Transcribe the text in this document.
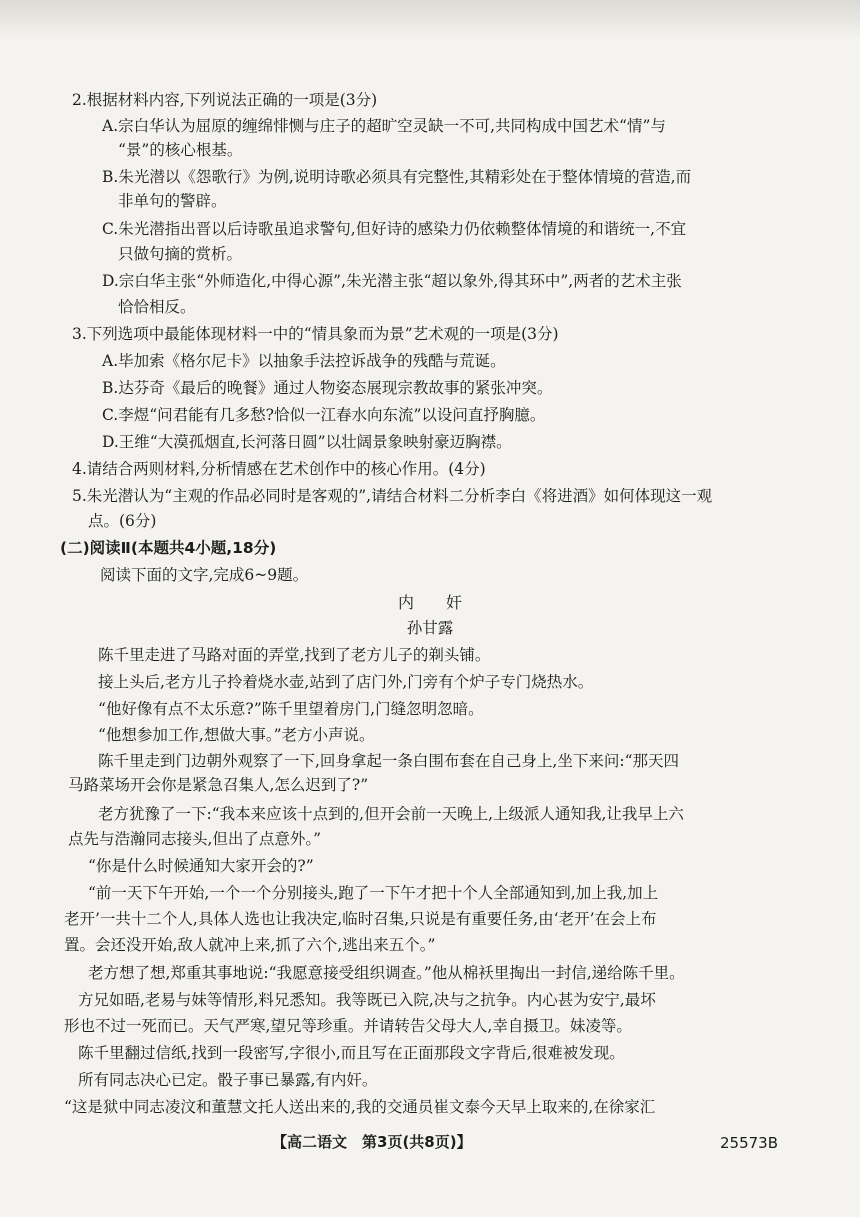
2.根据材料内容,下列说法正确的一项是(3分)
A.宗白华认为屈原的缠绵悱恻与庄子的超旷空灵缺一不可,共同构成中国艺术“情”与
“景”的核心根基。
B.朱光潜以《怨歌行》为例,说明诗歌必须具有完整性,其精彩处在于整体情境的营造,而
非单句的警辟。
C.朱光潜指出晋以后诗歌虽追求警句,但好诗的感染力仍依赖整体情境的和谐统一,不宜
只做句摘的赏析。
D.宗白华主张“外师造化,中得心源”,朱光潜主张“超以象外,得其环中”,两者的艺术主张
恰恰相反。
3.下列选项中最能体现材料一中的“情具象而为景”艺术观的一项是(3分)
A.毕加索《格尔尼卡》以抽象手法控诉战争的残酷与荒诞。
B.达芬奇《最后的晚餐》通过人物姿态展现宗教故事的紧张冲突。
C.李煜“问君能有几多愁?恰似一江春水向东流”以设问直抒胸臆。
D.王维“大漠孤烟直,长河落日圆”以壮阔景象映射豪迈胸襟。
4.请结合两则材料,分析情感在艺术创作中的核心作用。(4分)
5.朱光潜认为“主观的作品必同时是客观的”,请结合材料二分析李白《将进酒》如何体现这一观
点。(6分)
(二)阅读Ⅱ(本题共4小题,18分)
阅读下面的文字,完成6~9题。
内　　奸
孙甘露
陈千里走进了马路对面的弄堂,找到了老方儿子的剃头铺。
接上头后,老方儿子拎着烧水壶,站到了店门外,门旁有个炉子专门烧热水。
“他好像有点不太乐意?”陈千里望着房门,门缝忽明忽暗。
“他想参加工作,想做大事。”老方小声说。
陈千里走到门边朝外观察了一下,回身拿起一条白围布套在自己身上,坐下来问:“那天四
马路菜场开会你是紧急召集人,怎么迟到了?”
老方犹豫了一下:“我本来应该十点到的,但开会前一天晚上,上级派人通知我,让我早上六
点先与浩瀚同志接头,但出了点意外。”
“你是什么时候通知大家开会的?”
“前一天下午开始,一个一个分别接头,跑了一下午才把十个人全部通知到,加上我,加上
老开’一共十二个人,具体人选也让我决定,临时召集,只说是有重要任务,由‘老开’在会上布
置。会还没开始,敌人就冲上来,抓了六个,逃出来五个。”
老方想了想,郑重其事地说:“我愿意接受组织调查。”他从棉袄里掏出一封信,递给陈千里。
方兄如晤,老易与妹等情形,料兄悉知。我等既已入院,决与之抗争。内心甚为安宁,最坏
形也不过一死而已。天气严寒,望兄等珍重。并请转告父母大人,幸自摄卫。妹凌等。
陈千里翻过信纸,找到一段密写,字很小,而且写在正面那段文字背后,很难被发现。
所有同志决心已定。骰子事已暴露,有内奸。
“这是狱中同志凌汶和董慧文托人送出来的,我的交通员崔文泰今天早上取来的,在徐家汇
【高二语文　第3页(共8页)】	25573B
